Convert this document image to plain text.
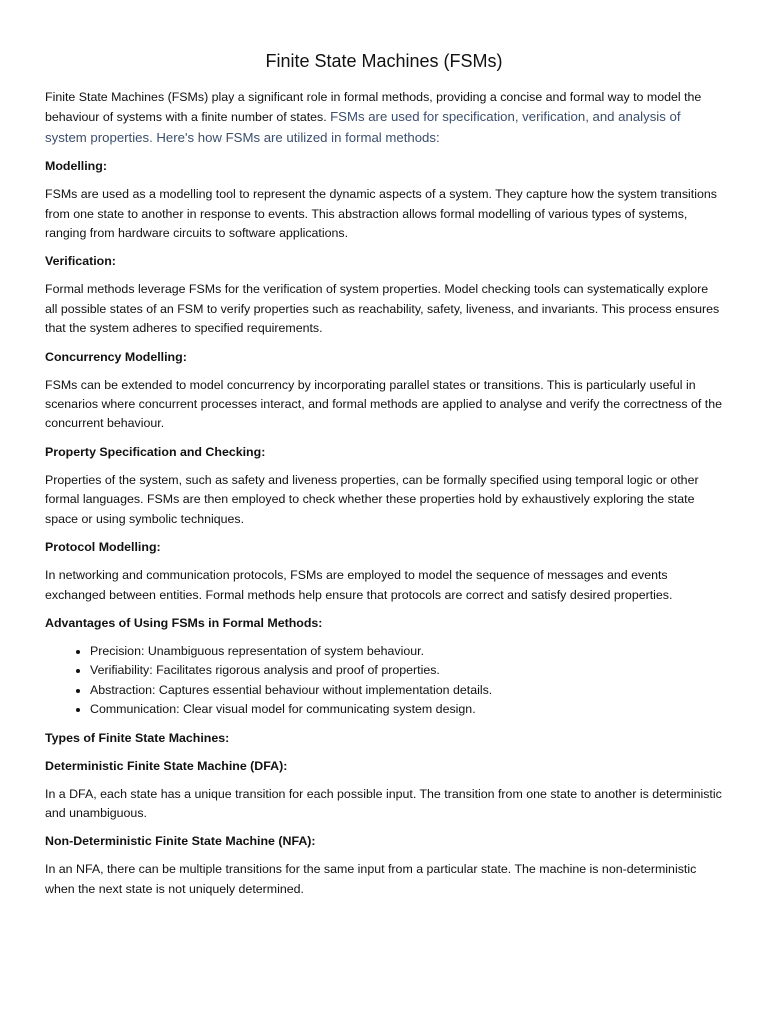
Finite State Machines (FSMs)

Finite State Machines (FSMs) play a significant role in formal methods, providing a concise and formal way to model the behaviour of systems with a finite number of states. FSMs are used for specification, verification, and analysis of system properties. Here's how FSMs are utilized in formal methods:

Modelling:

FSMs are used as a modelling tool to represent the dynamic aspects of a system. They capture how the system transitions from one state to another in response to events. This abstraction allows formal modelling of various types of systems, ranging from hardware circuits to software applications.

Verification:

Formal methods leverage FSMs for the verification of system properties. Model checking tools can systematically explore all possible states of an FSM to verify properties such as reachability, safety, liveness, and invariants. This process ensures that the system adheres to specified requirements.

Concurrency Modelling:

FSMs can be extended to model concurrency by incorporating parallel states or transitions. This is particularly useful in scenarios where concurrent processes interact, and formal methods are applied to analyse and verify the correctness of the concurrent behaviour.

Property Specification and Checking:

Properties of the system, such as safety and liveness properties, can be formally specified using temporal logic or other formal languages. FSMs are then employed to check whether these properties hold by exhaustively exploring the state space or using symbolic techniques.

Protocol Modelling:

In networking and communication protocols, FSMs are employed to model the sequence of messages and events exchanged between entities. Formal methods help ensure that protocols are correct and satisfy desired properties.

Advantages of Using FSMs in Formal Methods:
• Precision: Unambiguous representation of system behaviour.
• Verifiability: Facilitates rigorous analysis and proof of properties.
• Abstraction: Captures essential behaviour without implementation details.
• Communication: Clear visual model for communicating system design.
Types of Finite State Machines:
Deterministic Finite State Machine (DFA):

In a DFA, each state has a unique transition for each possible input. The transition from one state to another is deterministic and unambiguous.

Non-Deterministic Finite State Machine (NFA):

In an NFA, there can be multiple transitions for the same input from a particular state. The machine is non-deterministic when the next state is not uniquely determined.
